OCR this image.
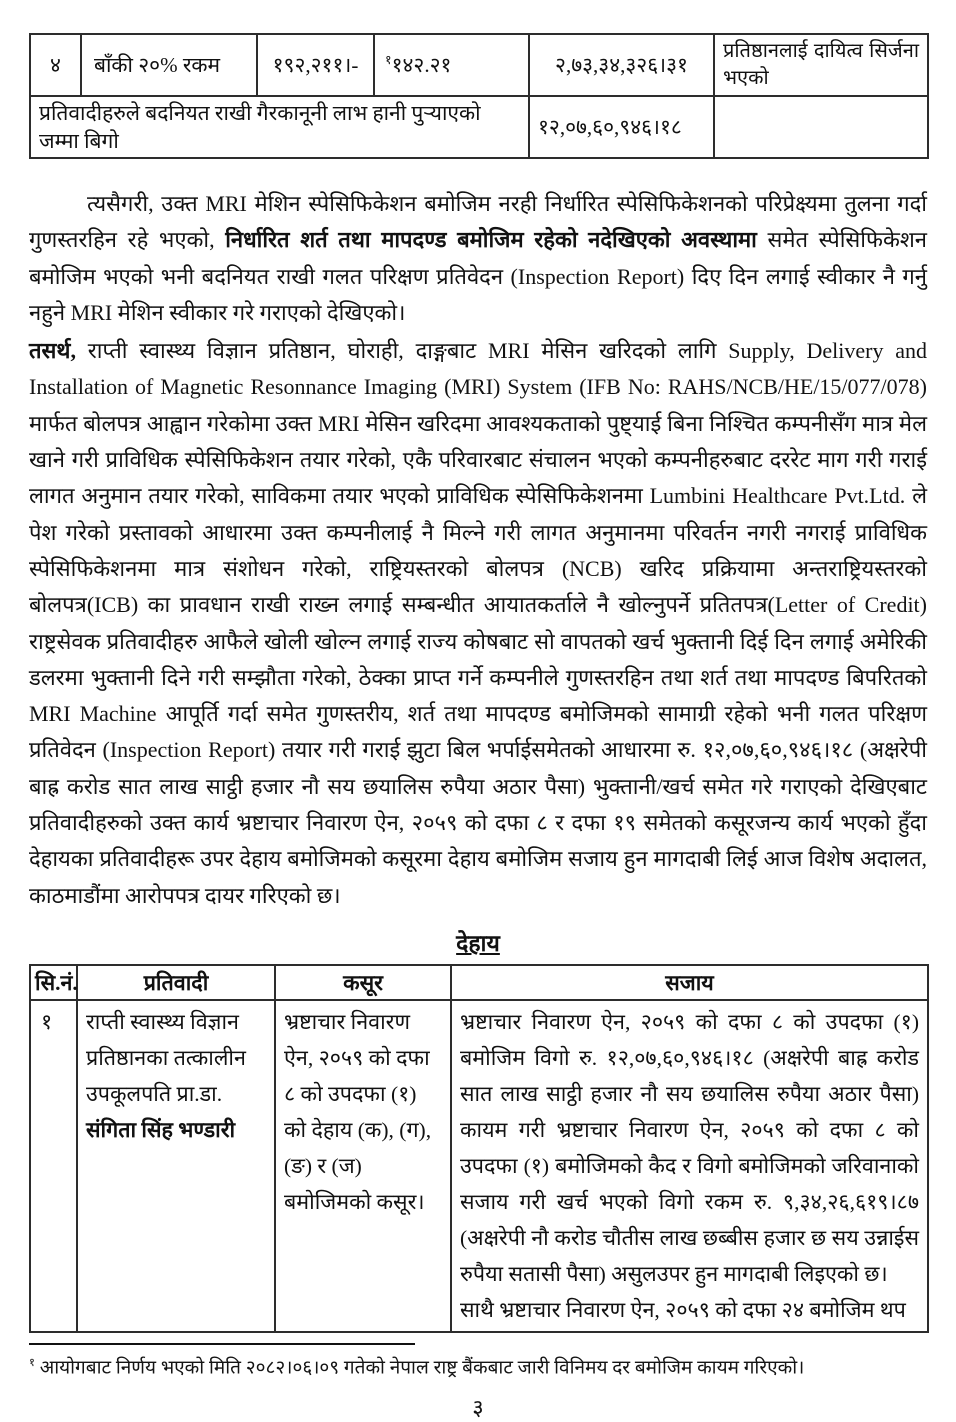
४	बाँकी २०% रकम	१९२,२११।-	$^१$१४२.२१	२,७३,३४,३२६।३१	प्रतिष्ठानलाई दायित्व सिर्जना भएको
प्रतिवादीहरुले बदनियत राखी गैरकानूनी लाभ हानी पुर्‍याएको जम्मा बिगो				१२,०७,६०,९४६।१८	

त्यसैगरी, उक्त MRI मेशिन स्पेसिफिकेशन बमोजिम नरही निर्धारित स्पेसिफिकेशनको परिप्रेक्ष्यमा तुलना गर्दा गुणस्तरहिन रहे भएको, निर्धारित शर्त तथा मापदण्ड बमोजिम रहेको नदेखिएको अवस्थामा समेत स्पेसिफिकेशन बमोजिम भएको भनी बदनियत राखी गलत परिक्षण प्रतिवेदन (Inspection Report) दिए दिन लगाई स्वीकार नै गर्नु नहुने MRI मेशिन स्वीकार गरे गराएको देखिएको।

तसर्थ, राप्ती स्वास्थ्य विज्ञान प्रतिष्ठान, घोराही, दाङ्गबाट MRI मेसिन खरिदको लागि Supply, Delivery and Installation of Magnetic Resonnance Imaging (MRI) System (IFB No: RAHS/NCB/HE/15/077/078) मार्फत बोलपत्र आह्वान गरेकोमा उक्त MRI मेसिन खरिदमा आवश्यकताको पुष्ट्याई बिना निश्चित कम्पनीसँग मात्र मेल खाने गरी प्राविधिक स्पेसिफिकेशन तयार गरेको, एकै परिवारबाट संचालन भएको कम्पनीहरुबाट दररेट माग गरी गराई लागत अनुमान तयार गरेको, साविकमा तयार भएको प्राविधिक स्पेसिफिकेशनमा Lumbini Healthcare Pvt.Ltd. ले पेश गरेको प्रस्तावको आधारमा उक्त कम्पनीलाई नै मिल्ने गरी लागत अनुमानमा परिवर्तन नगरी नगराई प्राविधिक स्पेसिफिकेशनमा मात्र संशोधन गरेको, राष्ट्रियस्तरको बोलपत्र (NCB) खरिद प्रक्रियामा अन्तराष्ट्रियस्तरको बोलपत्र(ICB) का प्रावधान राखी राख्न लगाई सम्बन्धीत आयातकर्ताले नै खोल्नुपर्ने प्रतितपत्र(Letter of Credit) राष्ट्रसेवक प्रतिवादीहरु आफैले खोली खोल्न लगाई राज्य कोषबाट सो वापतको खर्च भुक्तानी दिई दिन लगाई अमेरिकी डलरमा भुक्तानी दिने गरी सम्झौता गरेको, ठेक्का प्राप्त गर्ने कम्पनीले गुणस्तरहिन तथा शर्त तथा मापदण्ड बिपरितको MRI Machine आपूर्ति गर्दा समेत गुणस्तरीय, शर्त तथा मापदण्ड बमोजिमको सामाग्री रहेको भनी गलत परिक्षण प्रतिवेदन (Inspection Report) तयार गरी गराई झुटा बिल भर्पाईसमेतको आधारमा रु. १२,०७,६०,९४६।१८ (अक्षरेपी बाह्र करोड सात लाख साट्ठी हजार नौ सय छयालिस रुपैया अठार पैसा) भुक्तानी/खर्च समेत गरे गराएको देखिएबाट प्रतिवादीहरुको उक्त कार्य भ्रष्टाचार निवारण ऐन, २०५९ को दफा ८ र दफा १९ समेतको कसूरजन्य कार्य भएको हुँदा देहायका प्रतिवादीहरू उपर देहाय बमोजिमको कसूरमा देहाय बमोजिम सजाय हुन मागदाबी लिई आज विशेष अदालत, काठमाडौंमा आरोपपत्र दायर गरिएको छ।

देहाय
सि.नं.	प्रतिवादी	कसूर	सजाय
१	राप्ती स्वास्थ्य विज्ञान प्रतिष्ठानका तत्कालीन उपकूलपति प्रा.डा. संगिता सिंह भण्डारी	भ्रष्टाचार निवारण ऐन, २०५९ को दफा ८ को उपदफा (१) को देहाय (क), (ग), (ङ) र (ज) बमोजिमको कसूर।	भ्रष्टाचार निवारण ऐन, २०५९ को दफा ८ को उपदफा (१) बमोजिम विगो रु. १२,०७,६०,९४६।१८ (अक्षरेपी बाह्र करोड सात लाख साट्ठी हजार नौ सय छयालिस रुपैया अठार पैसा) कायम गरी भ्रष्टाचार निवारण ऐन, २०५९ को दफा ८ को उपदफा (१) बमोजिमको कैद र विगो बमोजिमको जरिवानाको सजाय गरी खर्च भएको विगो रकम रु. ९,३४,२६,६१९।८७ (अक्षरेपी नौ करोड चौतीस लाख छब्बीस हजार छ सय उन्नाईस रुपैया सतासी पैसा) असुलउपर हुन मागदाबी लिइएको छ।
साथै भ्रष्टाचार निवारण ऐन, २०५९ को दफा २४ बमोजिम थप
$^१$ आयोगबाट निर्णय भएको मिति २०८२।०६।०९ गतेको नेपाल राष्ट्र बैंकबाट जारी विनिमय दर बमोजिम कायम गरिएको।
३
